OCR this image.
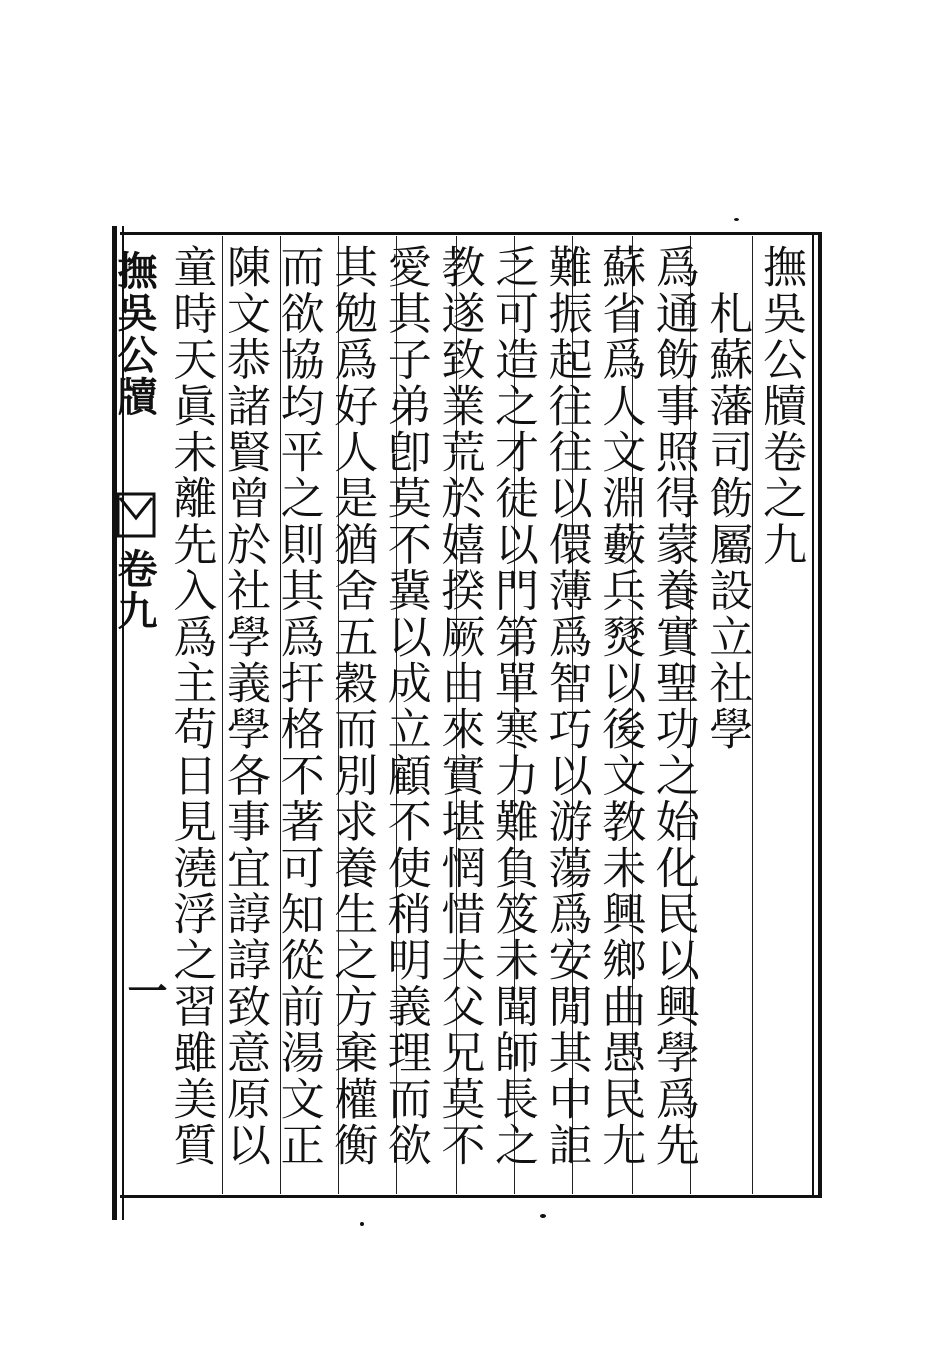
撫吳公牘卷之九
　札蘇藩司飭屬設立社學
爲通飭事照得蒙養實聖功之始化民以興學爲先
蘇省爲人文淵藪兵燹以後文教未興鄉曲愚民尢
難振起往往以儇薄爲智巧以游蕩爲安閒其中詎
乏可造之才徒以門第單寒力難負笈未聞師長之
教遂致業荒於嬉揆厥由來實堪惘惜夫父兄莫不
愛其子弟卽莫不冀以成立顧不使稍明義理而欲
其勉爲好人是猶舍五穀而別求養生之方棄權衡
而欲協均平之則其爲扞格不著可知從前湯文正
陳文恭諸賢曾於社學義學各事宜諄諄致意原以
童時天眞未離先入爲主苟日見澆浮之習雖美質
撫吳公牘
卷九
一
